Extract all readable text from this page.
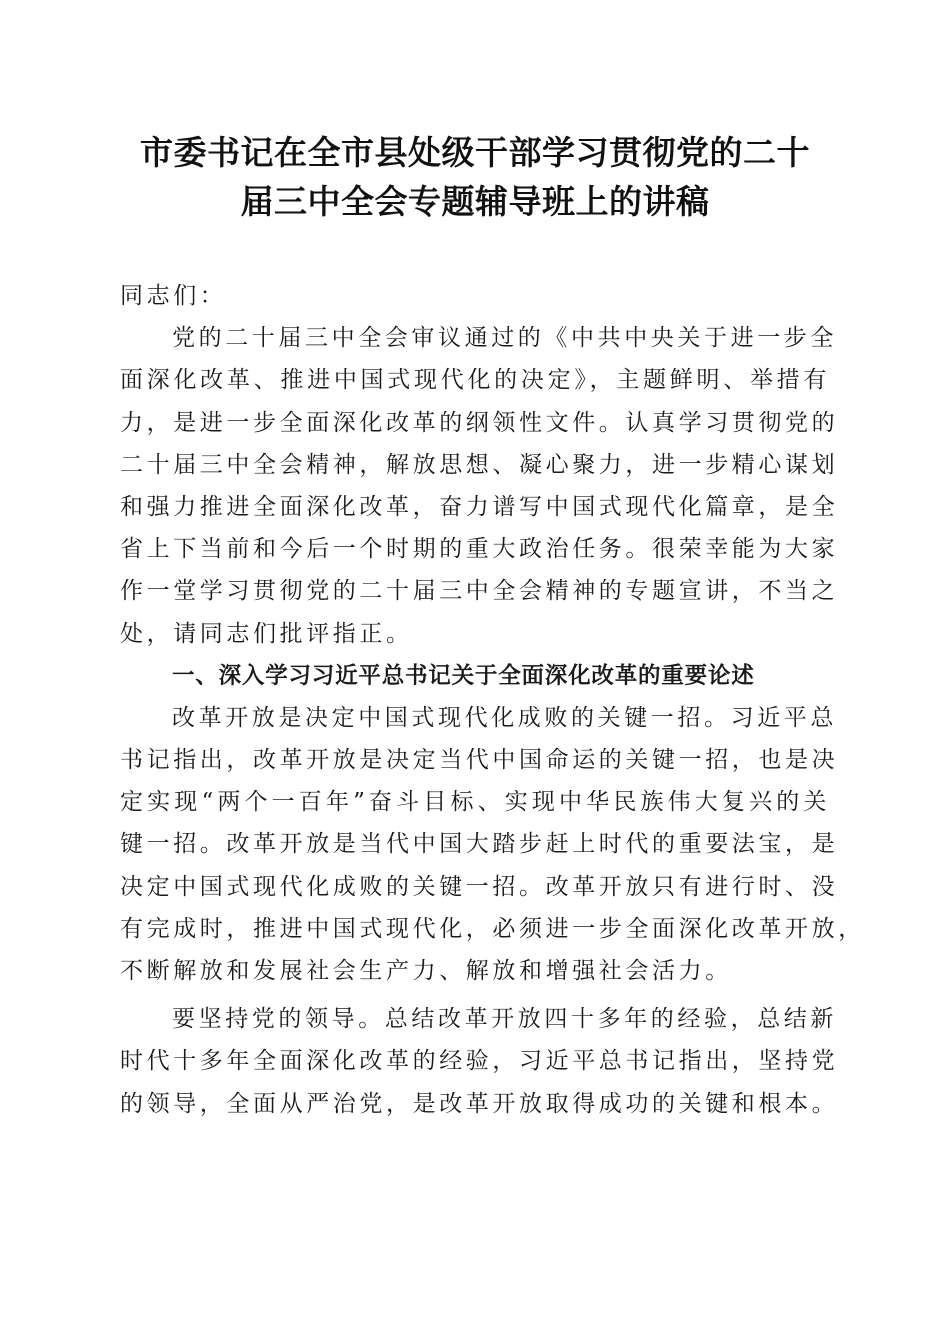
市委书记在全市县处级干部学习贯彻党的二十
届三中全会专题辅导班上的讲稿
同志们：
党的二十届三中全会审议通过的《中共中央关于进一步全
面深化改革、推进中国式现代化的决定》，主题鲜明、举措有
力，是进一步全面深化改革的纲领性文件。认真学习贯彻党的
二十届三中全会精神，解放思想、凝心聚力，进一步精心谋划
和强力推进全面深化改革，奋力谱写中国式现代化篇章，是全
省上下当前和今后一个时期的重大政治任务。很荣幸能为大家
作一堂学习贯彻党的二十届三中全会精神的专题宣讲，不当之
处，请同志们批评指正。
一、深入学习习近平总书记关于全面深化改革的重要论述
改革开放是决定中国式现代化成败的关键一招。习近平总
书记指出，改革开放是决定当代中国命运的关键一招，也是决
定实现“两个一百年”奋斗目标、实现中华民族伟大复兴的关
键一招。改革开放是当代中国大踏步赶上时代的重要法宝，是
决定中国式现代化成败的关键一招。改革开放只有进行时、没
有完成时，推进中国式现代化，必须进一步全面深化改革开放，
不断解放和发展社会生产力、解放和增强社会活力。
要坚持党的领导。总结改革开放四十多年的经验，总结新
时代十多年全面深化改革的经验，习近平总书记指出，坚持党
的领导，全面从严治党，是改革开放取得成功的关键和根本。
